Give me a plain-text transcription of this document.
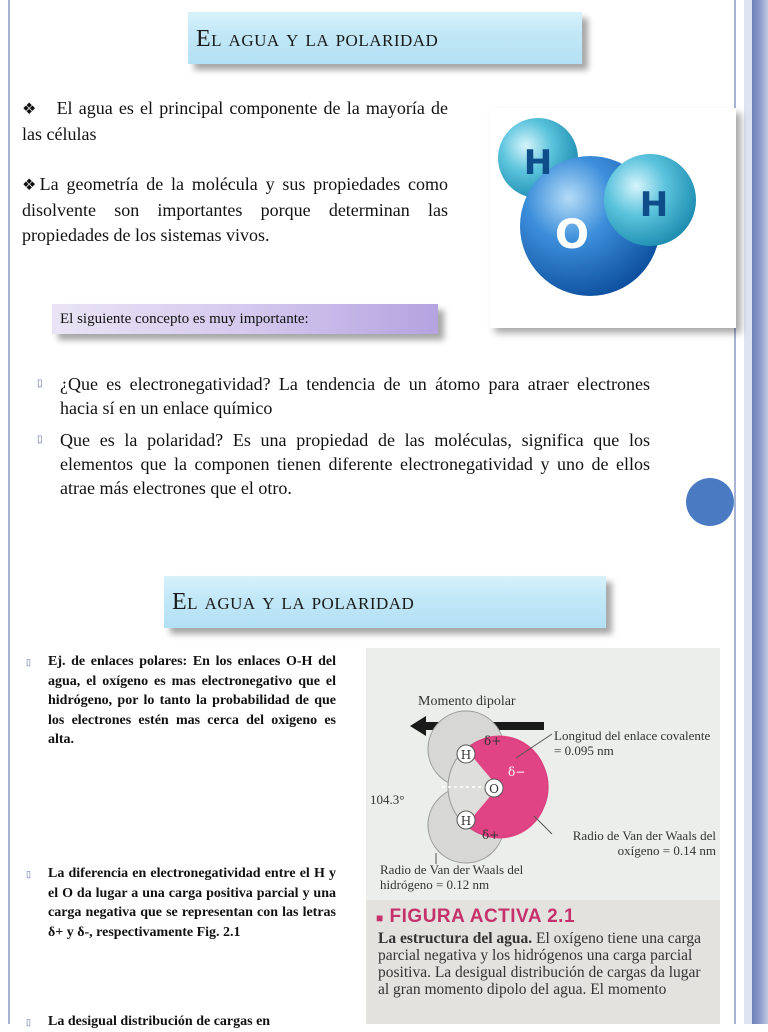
El agua y la polaridad
❖ El agua es el principal componente de la mayoría de las células
❖La geometría de la molécula y sus propiedades como disolvente son importantes porque determinan las propiedades de los sistemas vivos.
H
O
H
El siguiente concepto es muy importante:
▯ ¿Que es electronegatividad? La tendencia de un átomo para atraer electrones hacia sí en un enlace químico
▯ Que es la polaridad? Es una propiedad de las moléculas, significa que los elementos que la componen tienen diferente electronegatividad y uno de ellos atrae más electrones que el otro.
El agua y la polaridad
▯ Ej. de enlaces polares: En los enlaces O-H del agua, el oxígeno es mas electronegativo que el hidrógeno, por lo tanto la probabilidad de que los electrones estén mas cerca del oxigeno es alta.
▯ La diferencia en electronegatividad entre el H y el O da lugar a una carga positiva parcial y una carga negativa que se representan con las letras δ+ y δ-, respectivamente Fig. 2.1
▯ La desigual distribución de cargas en
H
H
O
δ+
δ−
δ+
Momento dipolar
Longitud del enlace covalente = 0.095 nm
104.3°
Radio de Van der Waals del oxígeno = 0.14 nm
Radio de Van der Waals del hidrógeno = 0.12 nm
■ FIGURA ACTIVA 2.1
La estructura del agua. El oxígeno tiene una carga parcial negativa y los hidrógenos una carga parcial positiva. La desigual distribución de cargas da lugar al gran momento dipolo del agua. El momento
